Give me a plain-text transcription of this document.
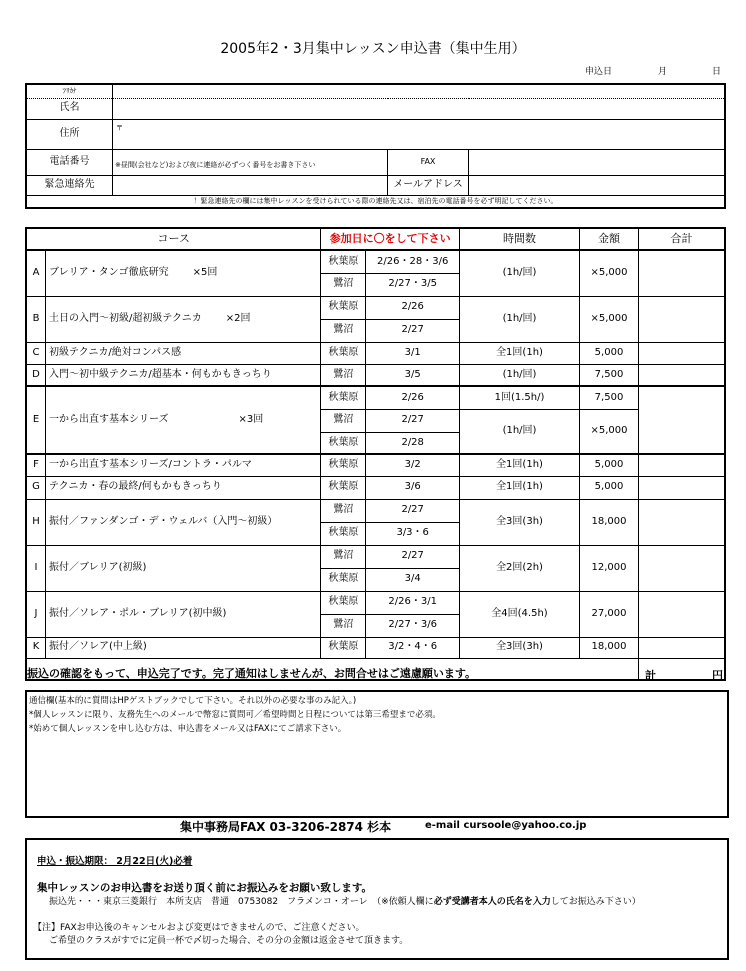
2005年2・3月集中レッスン申込書（集中生用）
申込日	月	日
ﾌﾘｶﾅ			
氏名			
住所	〒		
電話番号	※昼間(会社など)および夜に連絡が必ずつく番号をお書き下さい	FAX	
緊急連絡先		メールアドレス	
！緊急連絡先の欄には集中レッスンを受けられている際の連絡先又は、宿泊先の電話番号を必ず明記してください。			
コース		参加日に〇をして下さい		時間数	金額	合計
A	ブレリア・タンゴ徹底研究 ×5回	秋葉原	2/26・28・3/6	(1h/回)	×5,000	
		鷺沼	2/27・3/5			
B	土日の入門～初級/超初級テクニカ ×2回	秋葉原	2/26	(1h/回)	×5,000	
		鷺沼	2/27			
C	初級テクニカ/絶対コンパス感	秋葉原	3/1	全1回(1h)	5,000	
D	入門～初中級テクニカ/超基本・何もかもきっちり	鷺沼	3/5	(1h/回)	7,500	
E	一から出直す基本シリーズ ×3回	秋葉原	2/26	1回(1.5h/)	7,500	
		鷺沼	2/27	(1h/回)	×5,000	
		秋葉原	2/28			
F	一から出直す基本シリーズ/コントラ・パルマ	秋葉原	3/2	全1回(1h)	5,000	
G	テクニカ・春の最終/何もかもきっちり	秋葉原	3/6	全1回(1h)	5,000	
H	振付／ファンダンゴ・デ・ウェルバ（入門～初級）	鷺沼	2/27	全3回(3h)	18,000	
		秋葉原	3/3・6			
I	振付／ブレリア(初級)	鷺沼	2/27	全2回(2h)	12,000	
		秋葉原	3/4			
J	振付／ソレア・ポル・ブレリア(初中級)	秋葉原	2/26・3/1	全4回(4.5h)	27,000	
		鷺沼	2/27・3/6			
K	振付／ソレア(中上級)	秋葉原	3/2・4・6	全3回(3h)	18,000	

振込の確認をもって、申込完了です。完了通知はしませんが、お問合せはご遠慮願います。	計	円
通信欄(基本的に質問はHPゲストブックでして下さい。それ以外の必要な事のみ記入。)
*個人レッスンに限り、友務先生へのメールで幣窓に質問可／希望時間と日程については第三希望まで必須。
*始めて個人レッスンを申し込む方は、申込書をメール又はFAXにてご請求下さい。
集中事務局FAX 03-3206-2874 杉本	e-mail cursoole@yahoo.co.jp
申込・振込期限： 2月22日(火)必着
集中レッスンのお申込書をお送り頂く前にお振込みをお願い致します。
振込先・・・東京三菱銀行　本所支店　普通　0753082　フラメンコ・オーレ　（※依頼人欄に必ず受講者本人の氏名を入力してお振込み下さい）
【注】FAXお申込後のキャンセルおよび変更はできませんので、ご注意ください。
ご希望のクラスがすでに定員一杯で〆切った場合、その分の金額は返金させて頂きます。
